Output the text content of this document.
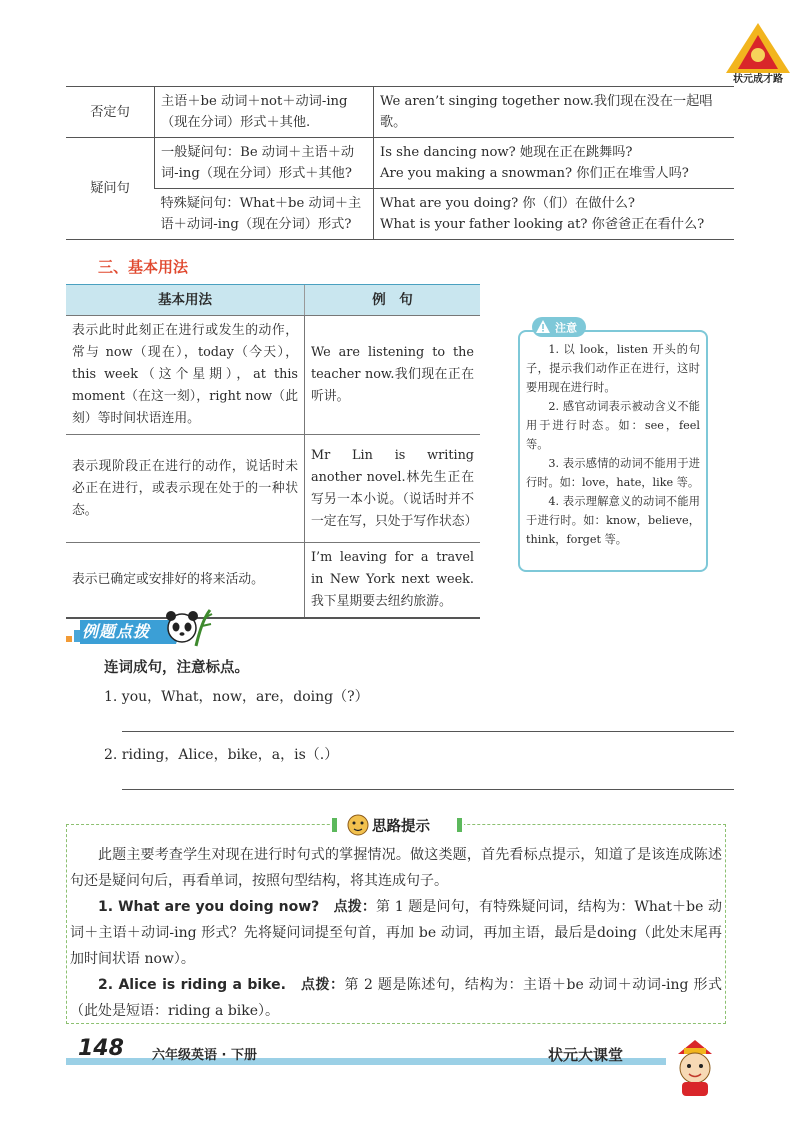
状元成才路
否定句	主语＋be 动词＋not＋动词-ing（现在分词）形式＋其他.	We aren’t singing together now.我们现在没在一起唱歌。
疑问句	一般疑问句：Be 动词＋主语＋动词-ing（现在分词）形式＋其他?	Is she dancing now? 她现在正在跳舞吗?
Are you making a snowman? 你们正在堆雪人吗?

	特殊疑问句：What＋be 动词＋主语＋动词-ing（现在分词）形式?	What are you doing? 你（们）在做什么?
What is your father looking at? 你爸爸正在看什么?
三、基本用法
基本用法	例　句
表示此时此刻正在进行或发生的动作，常与 now（现在），today（今天），this week（这个星期），at this moment（在这一刻），right now（此刻）等时间状语连用。	We are listening to the teacher now.我们现在正在听讲。
表示现阶段正在进行的动作，说话时未必正在进行，或表示现在处于的一种状态。	Mr Lin is writing another novel.林先生正在写另一本小说。（说话时并不一定在写，只处于写作状态）
表示已确定或安排好的将来活动。	I’m leaving for a travel in New York next week.我下星期要去纽约旅游。
注意

1. 以 look，listen 开头的句子，提示我们动作正在进行，这时要用现在进行时。

2. 感官动词表示被动含义不能用于进行时态。如：see，feel 等。

3. 表示感情的动词不能用于进行时。如：love，hate，like 等。

4. 表示理解意义的动词不能用于进行时。如：know，believe，think，forget 等。

例题点拨
连词成句，注意标点。
1. you，What，now，are，doing（?）
2. riding，Alice，bike，a，is（.）
思路提示

此题主要考查学生对现在进行时句式的掌握情况。做这类题，首先看标点提示，知道了是该连成陈述句还是疑问句后，再看单词，按照句型结构，将其连成句子。

1. What are you doing now?　 点拨：第 1 题是问句，有特殊疑问词，结构为：What＋be 动词＋主语＋动词-ing 形式？先将疑问词提至句首，再加 be 动词，再加主语，最后是doing（此处末尾再加时间状语 now）。

2. Alice is riding a bike.　 点拨：第 2 题是陈述句，结构为：主语＋be 动词＋动词-ing 形式（此处是短语：riding a bike）。

148 六年级英语 · 下册	状元大课堂
